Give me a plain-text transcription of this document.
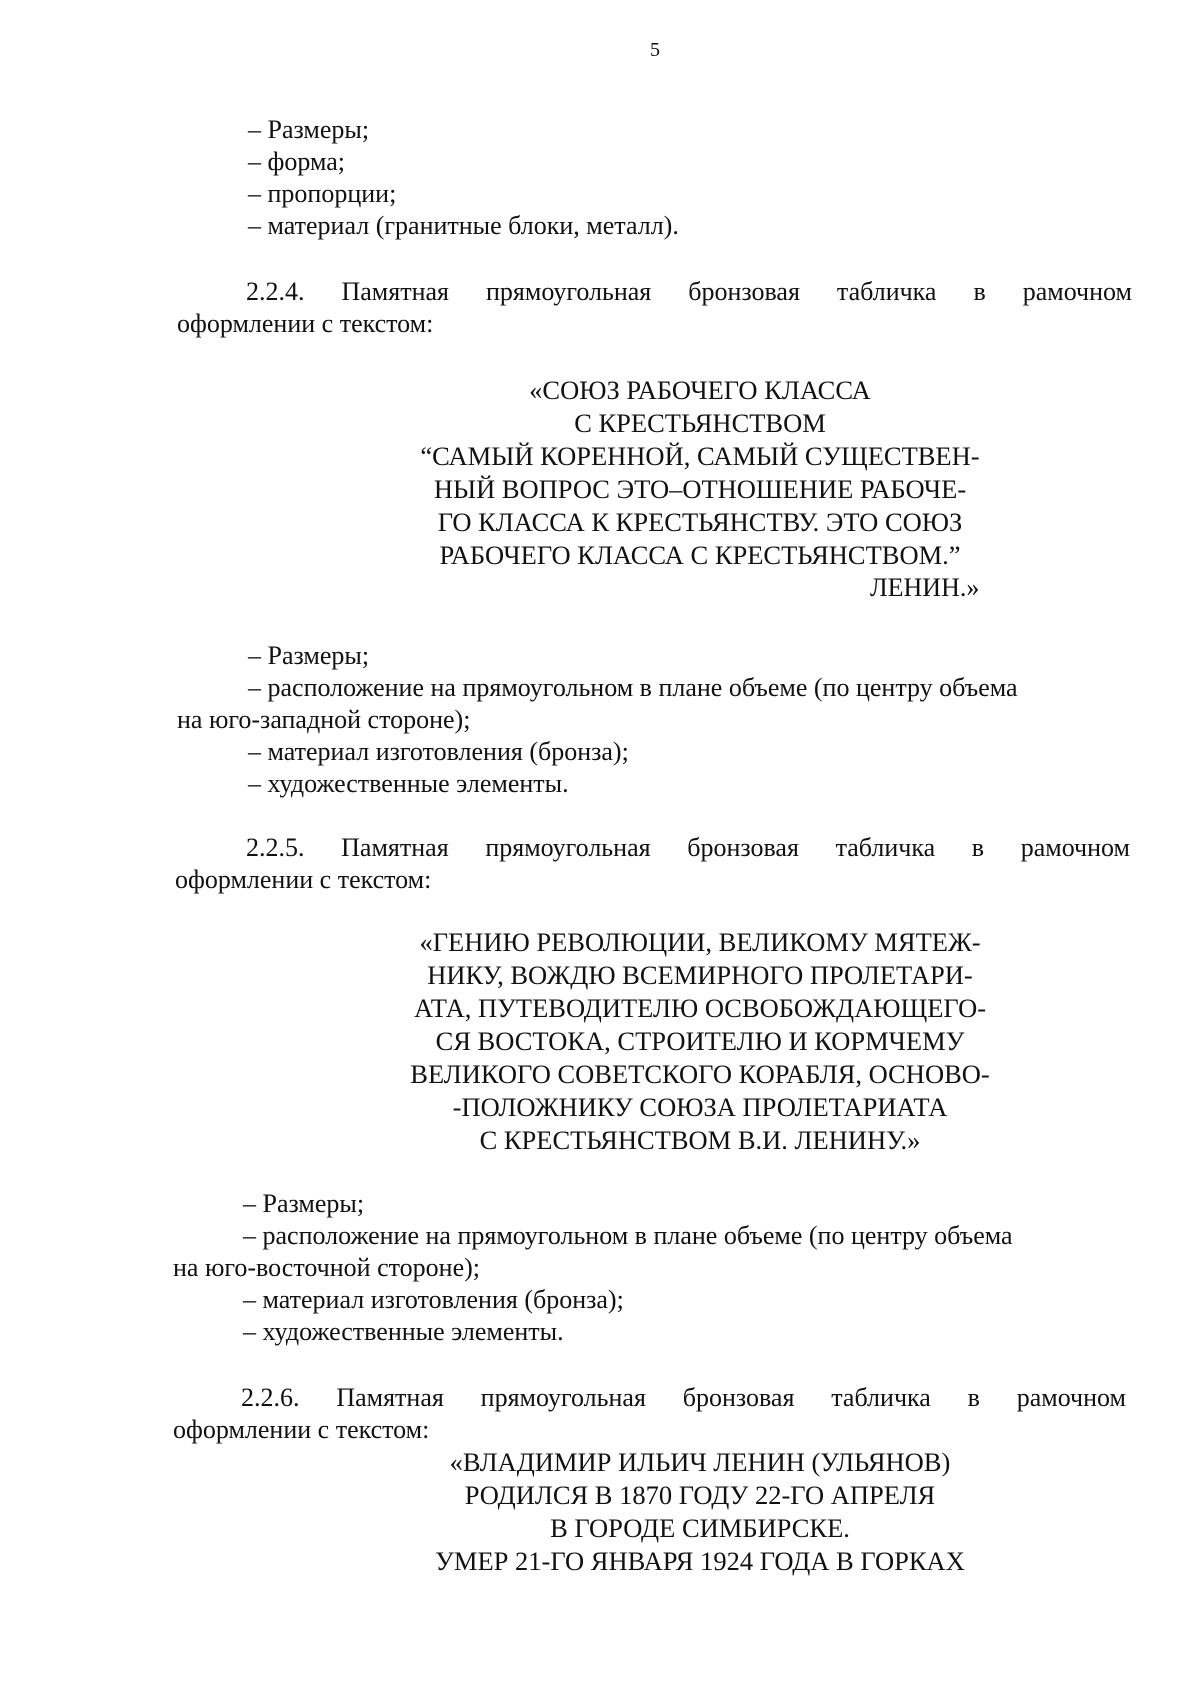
5
– Размеры;
– форма;
– пропорции;
– материал (гранитные блоки, металл).
2.2.4. Памятная прямоугольная бронзовая табличка в рамочном
оформлении с текстом:
«СОЮЗ РАБОЧЕГО КЛАССА
С КРЕСТЬЯНСТВОМ
“САМЫЙ КОРЕННОЙ, САМЫЙ СУЩЕСТВЕН-
НЫЙ ВОПРОС ЭТО–ОТНОШЕНИЕ РАБОЧЕ-
ГО КЛАССА К КРЕСТЬЯНСТВУ. ЭТО СОЮЗ
РАБОЧЕГО КЛАССА С КРЕСТЬЯНСТВОМ.”
ЛЕНИН.»
– Размеры;
– расположение на прямоугольном в плане объеме (по центру объема
на юго-западной стороне);
– материал изготовления (бронза);
– художественные элементы.
2.2.5. Памятная прямоугольная бронзовая табличка в рамочном
оформлении с текстом:
«ГЕНИЮ РЕВОЛЮЦИИ, ВЕЛИКОМУ МЯТЕЖ-
НИКУ, ВОЖДЮ ВСЕМИРНОГО ПРОЛЕТАРИ-
АТА, ПУТЕВОДИТЕЛЮ ОСВОБОЖДАЮЩЕГО-
СЯ ВОСТОКА, СТРОИТЕЛЮ И КОРМЧЕМУ
ВЕЛИКОГО СОВЕТСКОГО КОРАБЛЯ, ОСНОВО-
-ПОЛОЖНИКУ СОЮЗА ПРОЛЕТАРИАТА
С КРЕСТЬЯНСТВОМ В.И. ЛЕНИНУ.»
– Размеры;
– расположение на прямоугольном в плане объеме (по центру объема
на юго-восточной стороне);
– материал изготовления (бронза);
– художественные элементы.
2.2.6. Памятная прямоугольная бронзовая табличка в рамочном
оформлении с текстом:
«ВЛАДИМИР ИЛЬИЧ ЛЕНИН (УЛЬЯНОВ)
РОДИЛСЯ В 1870 ГОДУ 22-ГО АПРЕЛЯ
В ГОРОДЕ СИМБИРСКЕ.
УМЕР 21-ГО ЯНВАРЯ 1924 ГОДА В ГОРКАХ
